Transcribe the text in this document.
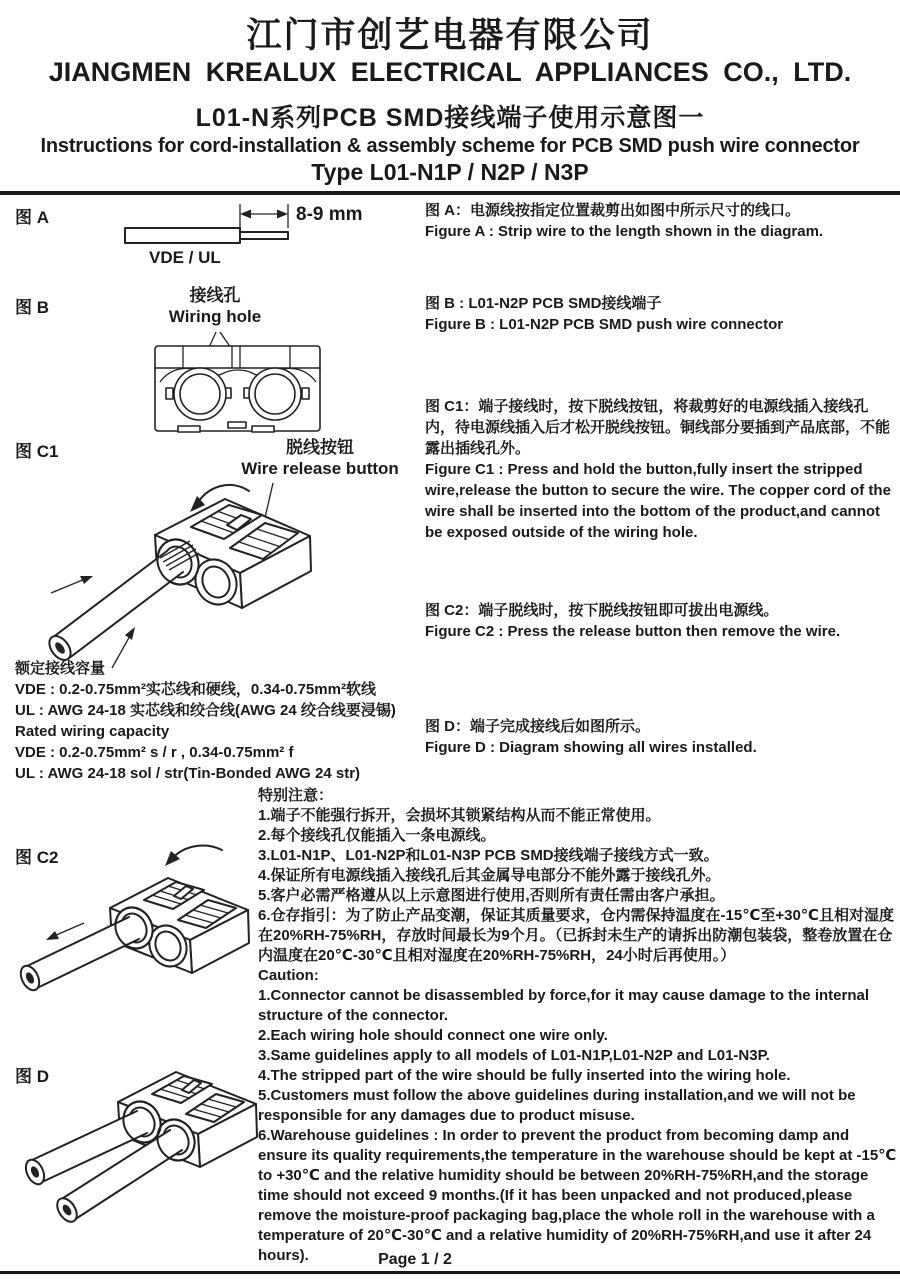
江门市创艺电器有限公司
JIANGMEN KREALUX ELECTRICAL APPLIANCES CO., LTD.
L01-N系列PCB SMD接线端子使用示意图一
Instructions for cord-installation & assembly scheme for PCB SMD push wire connector
Type L01-N1P / N2P / N3P
图 A	8-9 mm
VDE / UL
图 A：电源线按指定位置裁剪出如图中所示尺寸的线口。
Figure A : Strip wire to the length shown in the diagram.
图 B
接线孔
Wiring hole
图 B : L01-N2P PCB SMD接线端子
Figure B : L01-N2P PCB SMD push wire connector
图 C1	脱线按钮
Wire release button
图 C1：端子接线时，按下脱线按钮，将裁剪好的电源线插入接线孔内，待电源线插入后才松开脱线按钮。铜线部分要插到产品底部，不能露出插线孔外。
Figure C1 : Press and hold the button,fully insert the stripped wire,release the button to secure the wire. The copper cord of the wire shall be inserted into the bottom of the product,and cannot be exposed outside of the wiring hole.
额定接线容量
VDE : 0.2-0.75mm²实芯线和硬线，0.34-0.75mm²软线
UL : AWG 24-18 实芯线和绞合线(AWG 24 绞合线要浸锡)
Rated wiring capacity
VDE : 0.2-0.75mm² s / r , 0.34-0.75mm² f
UL : AWG 24-18 sol / str(Tin-Bonded AWG 24 str)
图 C2：端子脱线时，按下脱线按钮即可拔出电源线。
Figure C2 : Press the release button then remove the wire.
图 D：端子完成接线后如图所示。
Figure D : Diagram showing all wires installed.
特别注意：
1.端子不能强行拆开，会损坏其锁紧结构从而不能正常使用。
2.每个接线孔仅能插入一条电源线。
3.L01-N1P、L01-N2P和L01-N3P PCB SMD接线端子接线方式一致。
4.保证所有电源线插入接线孔后其金属导电部分不能外露于接线孔外。
5.客户必需严格遵从以上示意图进行使用,否则所有责任需由客户承担。
6.仓存指引：为了防止产品变潮，保证其质量要求，仓内需保持温度在-15℃至+30℃且相对湿度在20%RH-75%RH，存放时间最长为9个月。（已拆封未生产的请拆出防潮包装袋，整卷放置在仓内温度在20℃-30℃且相对湿度在20%RH-75%RH，24小时后再使用。）
Caution:
1.Connector cannot be disassembled by force,for it may cause damage to the internal structure of the connector.
2.Each wiring hole should connect one wire only.
3.Same guidelines apply to all models of L01-N1P,L01-N2P and L01-N3P.
4.The stripped part of the wire should be fully inserted into the wiring hole.
5.Customers must follow the above guidelines during installation,and we will not be responsible for any damages due to product misuse.
6.Warehouse guidelines : In order to prevent the product from becoming damp and ensure its quality requirements,the temperature in the warehouse should be kept at -15℃ to +30℃ and the relative humidity should be between 20%RH-75%RH,and the storage time should not exceed 9 months.(If it has been unpacked and not produced,please remove the moisture-proof packaging bag,place the whole roll in the warehouse with a temperature of 20℃-30℃ and a relative humidity of 20%RH-75%RH,and use it after 24 hours).
图 C2
图 D
Page 1 / 2
